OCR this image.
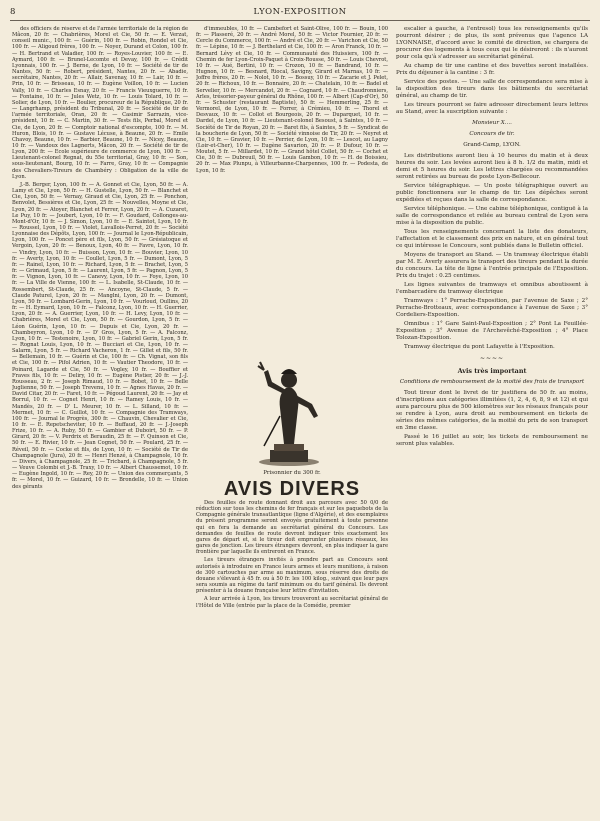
8	LYON-EXPOSITION

des officiers de réserve et de l'armée territoriale de la région de Mâcon, 20 fr. — Chabrières, Morel et Cie, 50 fr. — E. Verzat, conseil munic., 100 fr. — Guérin, 100 fr. — Robin, Rondel et Cie, 100 fr. — Aligoud frères, 100 fr. — Noyer, Durand et Colon, 100 fr. — H. Bertrand et Valadier, 100 fr. — Royes-Louvier, 100 fr. — E. Aymard, 100 fr. — Brunel-Lecomte et Devay, 100 fr. — Crédit Lyonnais, 100 fr. — J. Berne, de Lyon, 10 fr. — Société de tir de Nantes, 50 fr. — Robert, président, Nantes, 20 fr. — Abadie, secrétaire, Nantes, 20 fr. — Allair, Savenay, 10 fr. — Lair, 10 fr. — Prin, 10 fr. — Brisseau, 10 fr. — Eugène Voillon, 10 fr. — Lucien Vally, 10 fr. — Charles Esnay, 20 fr. — Francis Vieuxguerre, 10 fr. — Fontaine, 10 fr. — Jules Wetz, 10 fr. — Louis Tolard, 10 fr. — Solier, de Lyon, 10 fr. — Boulier, procureur de la République, 20 fr. — Langrhamp, président du Tribunal, 20 fr. — Société de tir de l'armée territoriale, Oran, 20 fr. — Casimir Sarrazin, vice-président, 10 fr. — C. Martin, 30 fr. — Tests fils, Perbal, Morel et Cie, de Lyon, 20 fr. — Comptoir national d'escompte, 100 fr. — M. Huron, Blois, 10 fr. — Gustave Lécuse, à Beaune, 20 fr. — Emile Chavoy, Beaune, 10 fr. — Barbier, Beaune, 10 fr. — Nicey, Beaune, 10 fr. — Vandoux des Lagnerts, Mâcon, 20 fr. — Société de tir de Lyon, 200 fr. — Ecole supérieure de commerce de Lyon, 100 fr. — Lieutenant-colonel Regnat, du 55e territorial, Gray, 10 fr. — Son, sous-lieutenant, Bourg, 10 fr. — Farre, Gray, 10 fr. — Compagnie des Chevaliers-Tireurs de Chambéry : Obligation de la ville de Lyon.

J.-B. Berger, Lyon, 100 fr. — A. Gonnet et Cie, Lyon, 50 fr. — A. Lamy et Cie, Lyon, 50 fr. — H. Gustelle, Lyon, 50 fr. — Blanchet et Cie, Lyon, 50 fr. — Vernay, Giraud et Cie, Lyon, 25 fr. — Ponchon, Benvolet, Bessières et Cie, Lyon, 25 fr. — Nouvelles, Moyne et Cie, Lyon, 20 fr. — Atoyer, Blanchet et Ferrer, Lyon, 20 fr. — A. Cuzaret, Le Puy, 10 fr. — Joubert, Lyon, 10 fr. — F. Goudard, Collonges-au-Mont-d'Or, 10 fr. — J. Simon, Lyon, 10 fr. — E. Saintot, Lyon, 10 fr. — Roussel, Lyon, 10 fr. — Violet, Lavallois-Perret, 20 fr. — Société Lyonnaise des Dépôts, Lyon, 100 fr. — Journal le Lyon-Républicain, Lyon, 100 fr. — Poncet père et fils, Lyon, 50 fr. — Grésiatoque et Vergoin, Lyon, 20 fr. — Benoux, Lyon, 40 fr. — Favre, Lyon, 10 fr. — Vindry, Lyon, 10 fr. — Buisson, Lyon, 10 fr. — Bouvier, Lyon, 10 fr. — Averty, Lyon, 10 fr. — Coullet, Lyon, 5 fr. — Dumont, Lyon, 5 fr. — Rainel, Lyon, 10 fr. — Richard, Lyon, 5 fr. — Brachet, Lyon, 5 fr. — Grimaud, Lyon, 5 fr. — Laurent, Lyon, 5 fr. — Pagnon, Lyon, 5 fr. — Vignon, Lyon, 10 fr. — Canevy, Lyon, 10 fr. — Foye, Lyon, 10 fr. — La Ville de Vienne, 100 fr. — L. Isabelle, St-Claude, 10 fr. — Rossembert, St-Claude, 25 fr. — Ancoyne, St-Claude, 5 fr. — Claude Paturel, Lyon, 20 fr. — Manglni, Lyon, 20 fr. — Dumont, Lyon, 50 fr. — Lombard-Gerin, Lyon, 10 fr. — Vourloud, Oullins, 20 fr. — H. Eymard, Lyon, 10 fr. — Falconz, Lyon, 10 fr. — H. Guerrier, Lyon, 20 fr. — A. Guerrier, Lyon, 10 fr. — H. Levy, Lyon, 10 fr. — Chabrières, Morel et Cie, Lyon, 50 fr. — Gourdon, Lyon, 5 fr. — Léon Guérin, Lyon, 10 fr. — Dupuis et Cie, Lyon, 20 fr. — Chambeyron, Lyon, 10 fr. — D' Gros, Lyon, 5 fr. — A. Falconz, Lyon, 10 fr. — Testenoire, Lyon, 10 fr. — Gabriel Gerin, Lyon, 5 fr. — Rognat Louis, Lyon, 10 fr. — Bucciari et Cie, Lyon, 10 fr. — Salarm, Lyon, 5 fr. — Richard Vacheron, 1 fr. — Gillet et fils, 50 fr. — Bellemain, 10 fr. — Guérin et Cie, 100 fr. — Ch. Vignat, son fils et Cie, 100 fr. — Pifol Adrien, 10 fr. — Vautier Theodore, 10 fr. — Poinard, Lagarde et Cie, 50 fr. — Vogley, 10 fr. — Bouffier et Fraves fils, 10 fr. — Deliry, 10 fr. — Eugène Pistier, 20 fr. — J.-J. Rousseau, 2 fr. — Joseph Rimaud, 10 fr. — Bobet, 10 fr. — Belle Juglienne, 50 fr. — Joseph Trevenu, 10 fr. — Agnes Havas, 20 fr. — David Citar, 20 fr. — Faret, 10 fr. — Pégoud Laurent, 20 fr. — Jay et Borrul, 10 fr. — Cognet Henri, 10 fr. — Ramey Louis, 10 fr. — Mandès, 20 fr. — D' L. Meurer, 10 fr. — L. Silland, 10 fr. — Mermet, 10 fr. — C. Guillot, 10 fr. — Compagnie des Tramways, 100 fr. — Journal le Progrès, 300 fr. — Chauvin, Chevalier et Cie, 10 fr. — E. Repetscheviter, 10 fr. — Buffaud, 20 fr. — J.-Joseph Frize, 10 fr. — A. Ruby, 50 fr. — Gambier et Duboirt, 50 fr. — P. Girard, 20 fr. — V. Perdrix et Beraudin, 25 fr. — F. Quinson et Cie, 50 fr. — E. Rivier, 10 fr. — Jean Cognet, 50 fr. — Poulard, 25 fr. — Réveil, 50 fr. — Cocke et fils, de Lyon, 10 fr. — Société de Tir de Champagnole (Jura), 20 fr. — Henri Henzé, à Champagnole, 10 fr. — Divers, à Champagnole, 25 fr. — Tricbard, à Champagnole, 5 fr. — Veuve Colombi et J.-B. Traxy, 10 fr. — Albert Chaussemot, 10 fr. — Eugène Ingold, 10 fr. — Rey, 20 fr. — Union des commerçants, 5 fr. — Morel, 10 fr. — Guizard, 10 fr. — Brondelle, 10 fr. — Union des gérants

d'immeubles, 10 fr. — Cambefort et Saint-Olive, 100 fr. — Bouin, 100 fr. — Plasseré, 20 fr. — André Morel, 50 fr. — Victor Fournier, 20 fr. — Cercle du Commerce, 100 fr. — André et Cie, 20 fr. — Varichon et Cie, 50 fr. — Lépine, 10 fr. — J. Berthelard et Cie, 100 fr. — Aron Franck, 10 fr. — Bernard Lévy et Cie, 10 fr. — Communauté des Huissiers, 100 fr. — Chemin de fer Lyon-Croix-Paquet à Croix-Rousse, 50 fr. — Louis Chevrot, 10 fr. — Aué, Bertini, 10 fr. — Crozon, 10 fr. — Bandrand, 10 fr. — Hugnon, 10 fr. — Besnard, Riocal, Savigny, Girard et Marnas, 10 fr. — Joffre frères, 20 fr. — Nolot, 10 fr. — Bossuy, 10 fr. — Zacarie et J. Pelet, 20 fr. — Richoux, 10 fr. — Bonnaire, 20 fr. — Chatelain, 10 fr. — Badel et Servelier, 10 fr. — Mercandot, 20 fr. — Cognard, 10 fr. — Chaudronniers, Arles, trésorier-payeur général du Rhône, 100 fr. — Albert (Cap-d'Or), 50 fr. — Schuster (restaurant Baptiste), 50 fr. — Hemmerling, 25 fr. — Vermorel, de Lyon, 10 fr. — Forrer, à Crémieu, 10 fr. — Thorel et Desvaux, 10 fr. — Collot et Bourgeois, 20 fr. — Duparquet, 10 fr. — Dardel, de Lyon, 10 fr. — Lieutenant-colonel Besoust, à Saintes, 10 fr. — Société de Tir de Royan, 20 fr. — Baret fils, à Saintes, 5 fr. — Syndicat de la boucherie de Lyon, 50 fr. — Société vinnoise de Tir, 20 fr. — Neyret et Cie, 10 fr. — Gravier, 10 fr. — Perrier, de Lyon, 10 fr. — Lescot, au Lagny (Loir-et-Cher), 10 fr. — Eugène Savarion, 20 fr. — P. Dufour, 10 fr. — Moutet, 5 fr. — Millardet, 10 fr. — Grand hôtel Collet, 50 fr. — Cochet et Cie, 30 fr. — Dubreuil, 50 fr. — Louis Gambon, 10 fr. — H. de Boissieu, 20 fr. — Max Plunpu, à Villeurbanne-Charpennes, 100 fr. — Podesta, de Lyon, 10 fr.

Prisonnier du 300 fr.
AVIS DIVERS

Des feuilles de route donnant droit aux parcours avec 50 0/0 de réduction sur tous les chemins de fer français et sur les paquebots de la Compagnie générale transatlantique (ligne d'Algérie), et des exemplaires du présent programme seront envoyés gratuitement à toute personne qui en fera la demande au secrétariat général du Concours. Les demandes de feuilles de route devront indiquer très exactement les gares de départ et, si le tireur doit emprunter plusieurs réseaux, les gares de jonction. Les tireurs étrangers devront, en plus indiquer la gare frontière par laquelle ils entreront en France.

Les tireurs étrangers invités à prendre part au Concours sont autorisés à introduire en France leurs armes et leurs munitions, à raison de 300 cartouches par arme au maximum, sous réserve des droits de douane s'élevant à 45 fr. ou à 50 fr. les 100 kilog., suivant que leur pays sera soumis au régime du tarif minimum ou du tarif général. Ils devront présenter à la douane française leur lettre d'invitation.

A leur arrivée à Lyon, les tireurs trouveront au secrétariat général de l'Hôtel de Ville (entrée par la place de la Comédie, premier

escalier à gauche, à l'entresol) tous les renseignements qu'ils pourront désirer ; de plus, ils sont prévenus que l'agence LA LYONNAISE, d'accord avec le comité de direction, se chargera de procurer des logements à tous ceux qui le désireront : ils n'auront pour cela qu'à s'adresser au secrétariat général.

Au champ de tir une cantine et des buvettes seront installées. Prix du déjeuner à la cantine : 3 fr.

Service des postes. — Une salle de correspondance sera mise à la disposition des tireurs dans les bâtiments du secrétariat général, au champ de tir.

Les tireurs pourront se faire adresser directement leurs lettres au Stand, avec la suscription suivante :

Monsieur X....

Concours de tir.

Grand-Camp, LYON.

Les distributions auront lieu à 10 heures du matin et à deux heures du soir. Les levées auront lieu à 8 h. 1/2 du matin, midi et demi et 5 heures du soir. Les lettres chargées ou recommandées seront retirées au bureau de poste Lyon-Bellecour.

Service télégraphique. — Un poste télégraphique ouvert au public fonctionnera sur le champ de tir. Les dépêches seront expédiées et reçues dans la salle de correspondance.

Service téléphonique. — Une cabine téléphonique, contiguë à la salle de correspondance et reliée au bureau central de Lyon sera mise à la disposition du public.

Tous les renseignements concernant la liste des donateurs, l'affectation et le classement des prix en nature, et en général tout ce qui intéresse le Concours, sont publiés dans le Bulletin officiel.

Moyens de transport au Stand. — Un tramway électrique établi par M. E. Averly assurera le transport des tireurs pendant la durée du concours. La tête de ligne à l'entrée principale de l'Exposition. Prix du trajet : 0.25 centimes.

Les lignes suivantes de tramways et omnibus aboutissent à l'embarcadère du tramway électrique

Tramways : 1° Perrache-Exposition, par l'avenue de Saxe ; 2° Perrache-Brotteaux, avec correspondance à l'avenue de Saxe ; 3° Cordeliers-Exposition.

Omnibus : 1° Gare Saint-Paul-Exposition ; 2° Pont La Feuillée-Exposition ; 3° Avenue de l'Archevêché-Exposition ; 4° Place Tolozan-Exposition.

Tramway électrique du pont Lafayette à l'Exposition.

~~~~
Avis très important

Conditions de remboursement de la moitié des frais de transport

Tout tireur dont le livret de tir justifiera de 50 fr. au moins, d'inscriptions aux catégories illimitées (1, 2, 4, 6, 8, 9 et 12) et qui aura parcouru plus de 500 kilomètres sur les réseaux français pour se rendre à Lyon, aura droit au remboursement en tickets de séries des mêmes catégories, de la moitié du prix de son transport en 3me classe.

Passé le 16 juillet au soir, les tickets de remboursement ne seront plus valables.
